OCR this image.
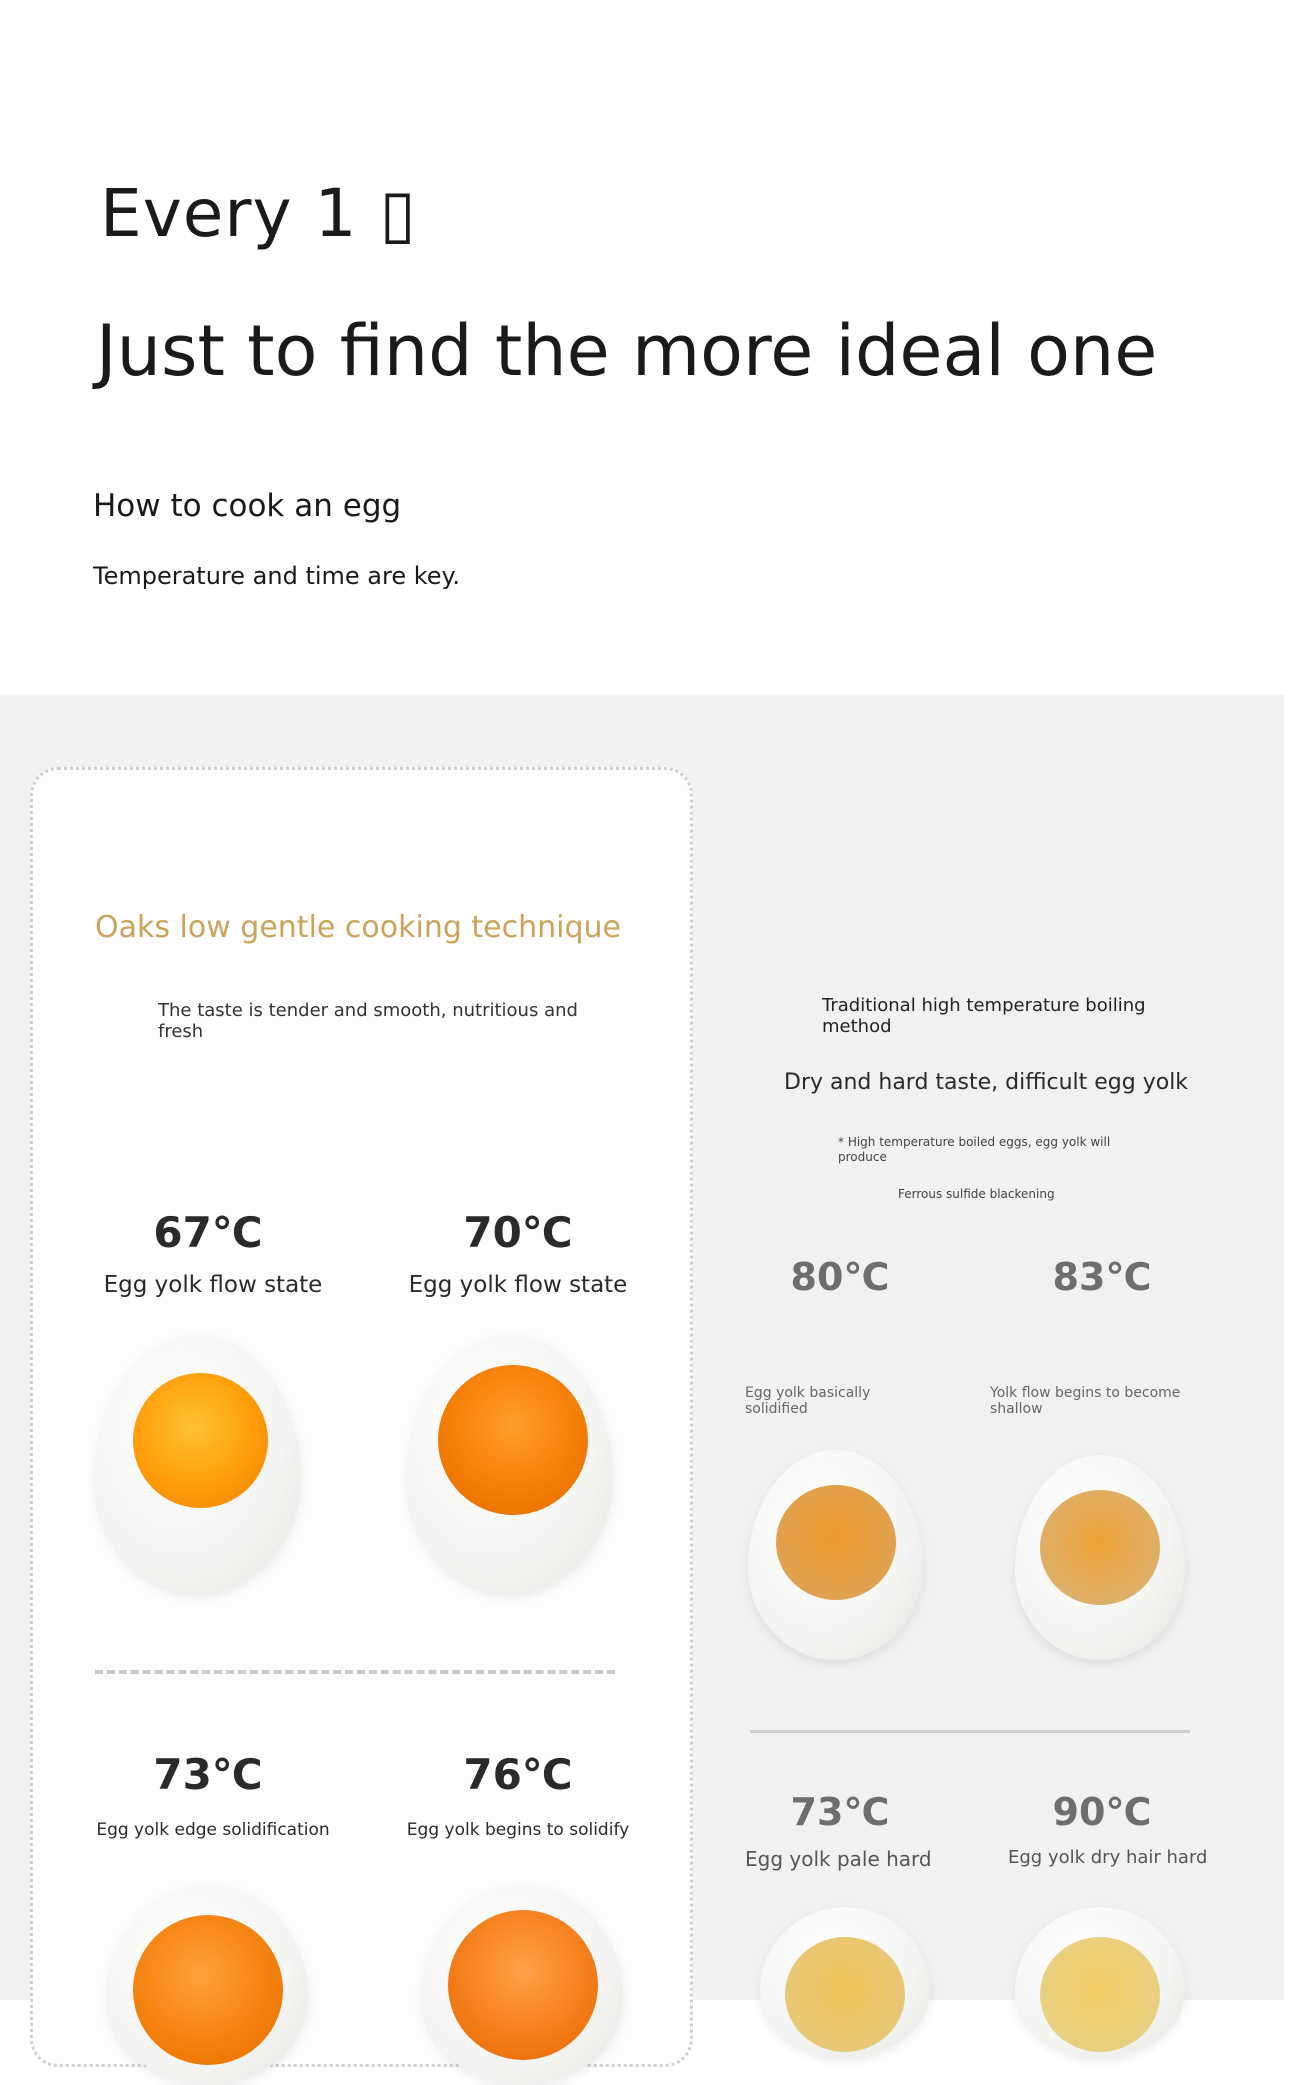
Every 1 ▯
Just to find the more ideal one
How to cook an egg
Temperature and time are key.
Oaks low gentle cooking technique
The taste is tender and smooth, nutritious and fresh
67℃
Egg yolk flow state
70℃
Egg yolk flow state
73℃
Egg yolk edge solidification
76℃
Egg yolk begins to solidify
Traditional high temperature boiling method
Dry and hard taste, difficult egg yolk
* High temperature boiled eggs, egg yolk will produce
Ferrous sulfide blackening
80℃
Egg yolk basically solidified
83℃
Yolk flow begins to become shallow
73℃
Egg yolk pale hard
90℃
Egg yolk dry hair hard
